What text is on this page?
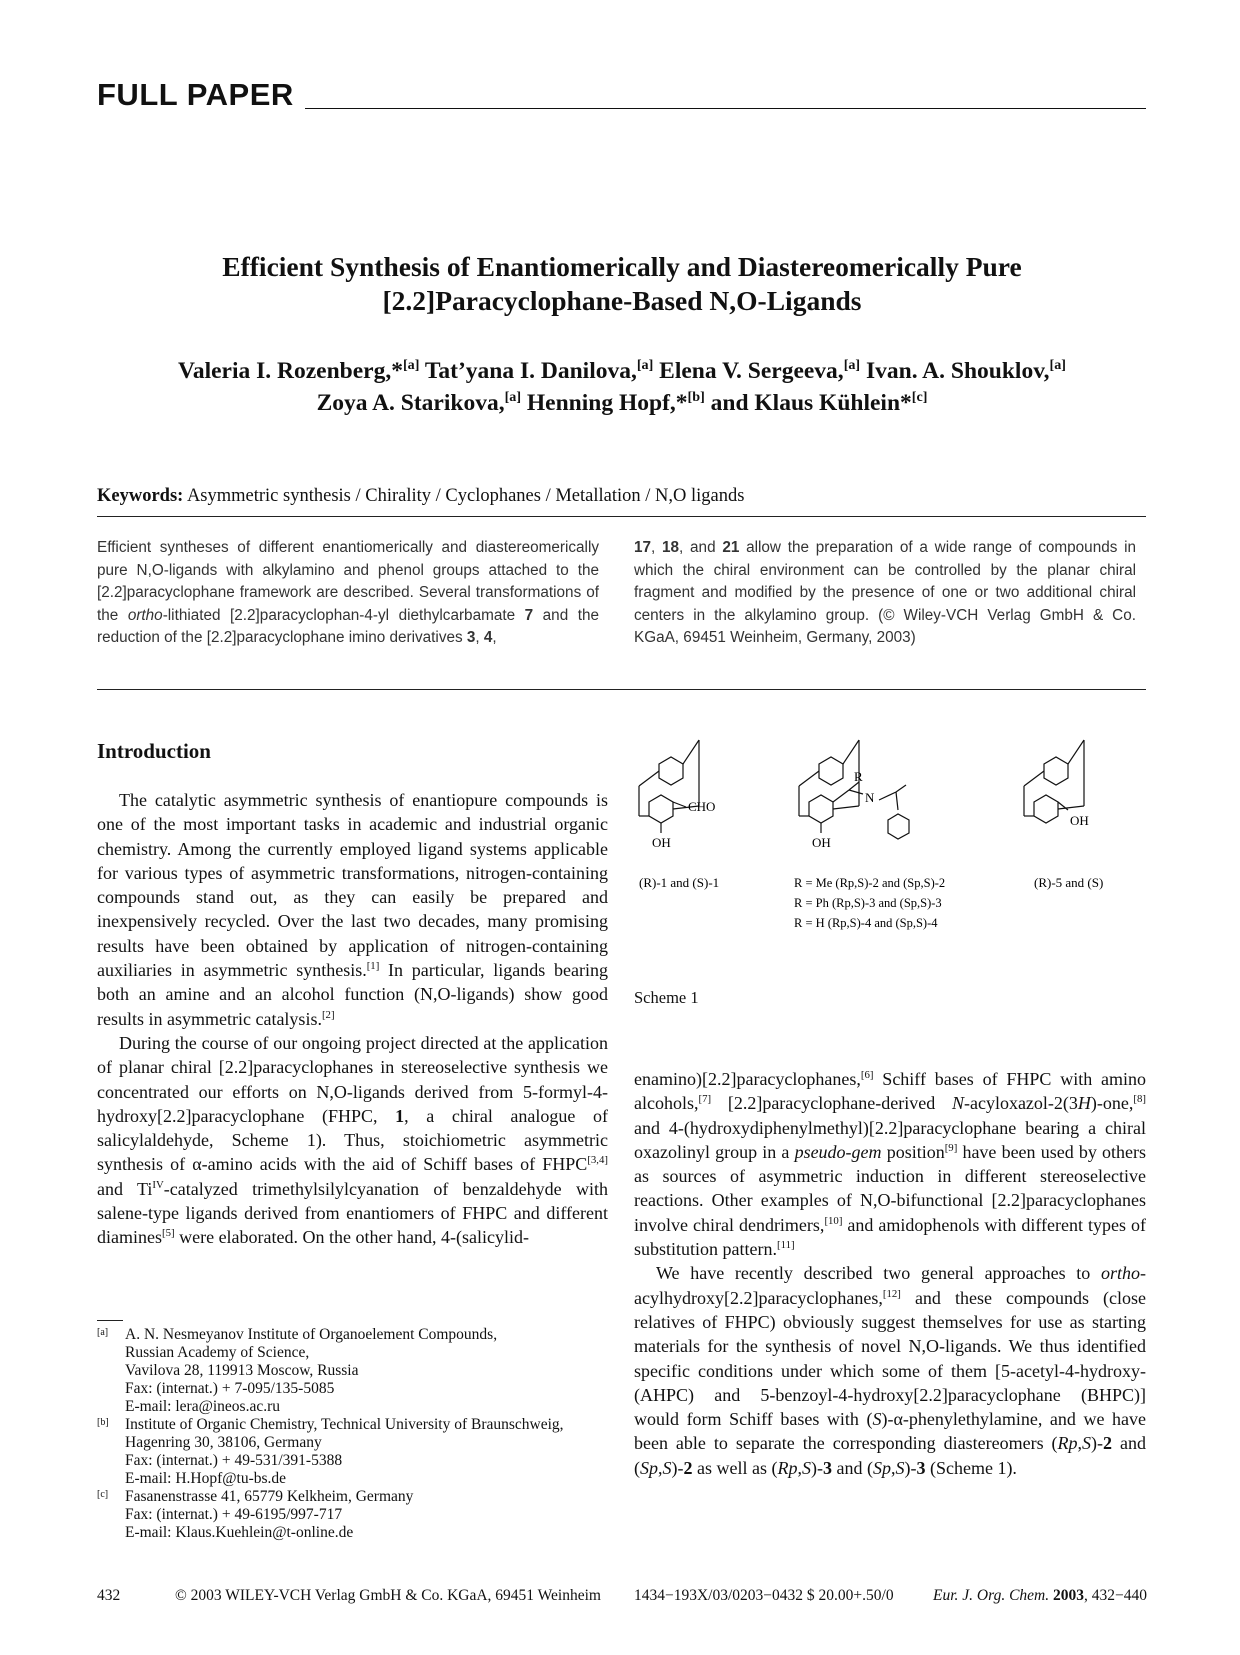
FULL PAPER
Efficient Synthesis of Enantiomerically and Diastereomerically Pure
[2.2]Paracyclophane-Based N,O-Ligands
Valeria I. Rozenberg,*[a] Tat’yana I. Danilova,[a] Elena V. Sergeeva,[a] Ivan. A. Shouklov,[a]
Zoya A. Starikova,[a] Henning Hopf,*[b] and Klaus Kühlein*[c]
Keywords: Asymmetric synthesis / Chirality / Cyclophanes / Metallation / N,O ligands
Efficient syntheses of different enantiomerically and diastereomerically pure N,O-ligands with alkylamino and phenol groups attached to the [2.2]paracyclophane framework are described. Several transformations of the ortho-lithiated [2.2]paracyclophan-4-yl diethylcarbamate 7 and the reduction of the [2.2]paracyclophane imino derivatives 3, 4,
17, 18, and 21 allow the preparation of a wide range of compounds in which the chiral environment can be controlled by the planar chiral fragment and modified by the presence of one or two additional chiral centers in the alkylamino group. (© Wiley-VCH Verlag GmbH & Co. KGaA, 69451 Weinheim, Germany, 2003)
Introduction

The catalytic asymmetric synthesis of enantiopure compounds is one of the most important tasks in academic and industrial organic chemistry. Among the currently employed ligand systems applicable for various types of asymmetric transformations, nitrogen-containing compounds stand out, as they can easily be prepared and inexpensively recycled. Over the last two decades, many promising results have been obtained by application of nitrogen-containing auxiliaries in asymmetric synthesis.[1] In particular, ligands bearing both an amine and an alcohol function (N,O-ligands) show good results in asymmetric catalysis.[2]

During the course of our ongoing project directed at the application of planar chiral [2.2]paracyclophanes in stereoselective synthesis we concentrated our efforts on N,O-ligands derived from 5-formyl-4-hydroxy[2.2]paracyclophane (FHPC, 1, a chiral analogue of salicylaldehyde, Scheme 1). Thus, stoichiometric asymmetric synthesis of α-amino acids with the aid of Schiff bases of FHPC[3,4] and $Ti^{IV}$-catalyzed trimethylsilylcyanation of benzaldehyde with salene-type ligands derived from enantiomers of FHPC and different diamines[5] were elaborated. On the other hand, 4-(salicylid-

CHO
OH
R
N
OH
OH
(R)-1 and (S)-1	R = Me (Rp,S)-2 and (Sp,S)-2
R = Ph (Rp,S)-3 and (Sp,S)-3
R = H (Rp,S)-4 and (Sp,S)-4
(R)-5 and (S)
Scheme 1

enamino)[2.2]paracyclophanes,[6] Schiff bases of FHPC with amino alcohols,[7] [2.2]paracyclophane-derived N-acyloxazol-2(3H)-one,[8] and 4-(hydroxydiphenylmethyl)[2.2]paracyclophane bearing a chiral oxazolinyl group in a pseudo-gem position[9] have been used by others as sources of asymmetric induction in different stereoselective reactions. Other examples of N,O-bifunctional [2.2]paracyclophanes involve chiral dendrimers,[10] and amidophenols with different types of substitution pattern.[11]

We have recently described two general approaches to ortho-acylhydroxy[2.2]paracyclophanes,[12] and these compounds (close relatives of FHPC) obviously suggest themselves for use as starting materials for the synthesis of novel N,O-ligands. We thus identified specific conditions under which some of them [5-acetyl-4-hydroxy- (AHPC) and 5-benzoyl-4-hydroxy[2.2]paracyclophane (BHPC)] would form Schiff bases with (S)-α-phenylethylamine, and we have been able to separate the corresponding diastereomers (Rp,S)-2 and (Sp,S)-2 as well as (Rp,S)-3 and (Sp,S)-3 (Scheme 1).

[a] A. N. Nesmeyanov Institute of Organoelement Compounds,
Russian Academy of Science,
Vavilova 28, 119913 Moscow, Russia
Fax: (internat.) + 7-095/135-5085
E-mail: lera@ineos.ac.ru
[b] Institute of Organic Chemistry, Technical University of Braunschweig,
Hagenring 30, 38106, Germany
Fax: (internat.) + 49-531/391-5388
E-mail: H.Hopf@tu-bs.de
[c] Fasanenstrasse 41, 65779 Kelkheim, Germany
Fax: (internat.) + 49-6195/997-717
E-mail: Klaus.Kuehlein@t-online.de
432	© 2003 WILEY-VCH Verlag GmbH & Co. KGaA, 69451 Weinheim 1434−193X/03/0203−0432 $ 20.00+.50/0	Eur. J. Org. Chem. 2003, 432−440
